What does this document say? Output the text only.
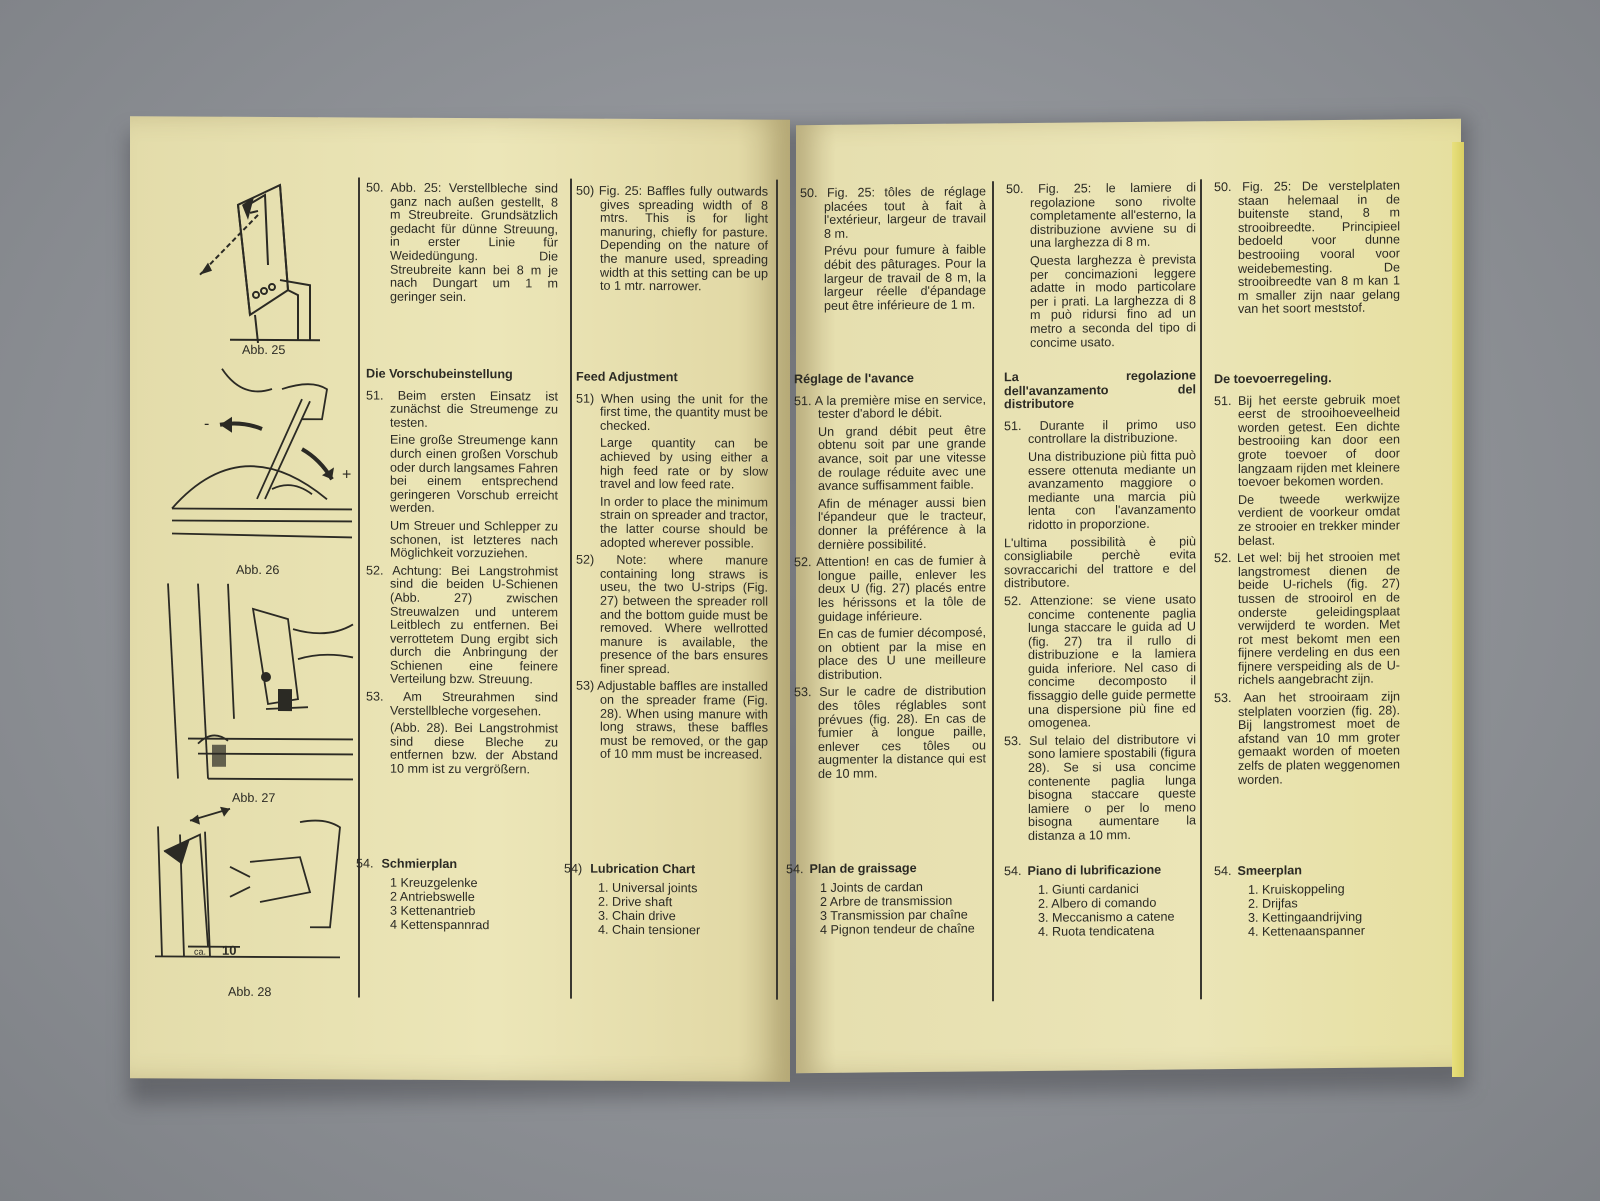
Abb. 25
-
+
Abb. 26
Abb. 27
ca. 10
Abb. 28

50. Abb. 25: Verstellbleche sind ganz nach außen gestellt, 8 m Streubreite. Grundsätzlich gedacht für dünne Streuung, in erster Linie für Weidedüngung. Die Streubreite kann bei 8 m je nach Dungart um 1 m geringer sein.

Die Vorschubeinstellung

51. Beim ersten Einsatz ist zunächst die Streumenge zu testen.

Eine große Streumenge kann durch einen großen Vorschub oder durch langsames Fahren bei einem entsprechend geringeren Vorschub erreicht werden.

Um Streuer und Schlepper zu schonen, ist letzteres nach Möglichkeit vorzuziehen.

52. Achtung: Bei Langstrohmist sind die beiden U-Schienen (Abb. 27) zwischen Streuwalzen und unterem Leitblech zu entfernen. Bei verrottetem Dung ergibt sich durch die Anbringung der Schienen eine feinere Verteilung bzw. Streuung.

53. Am Streurahmen sind Verstellbleche vorgesehen.

(Abb. 28). Bei Langstrohmist sind diese Bleche zu entfernen bzw. der Abstand 10 mm ist zu vergrößern.

54. Schmierplan

1 Kreuzgelenke
2 Antriebswelle
3 Kettenantrieb
4 Kettenspannrad

50) Fig. 25: Baffles fully outwards gives spreading width of 8 mtrs. This is for light manuring, chiefly for pasture. Depending on the nature of the manure used, spreading width at this setting can be up to 1 mtr. narrower.

Feed Adjustment

51) When using the unit for the first time, the quantity must be checked.

Large quantity can be achieved by using either a high feed rate or by slow travel and low feed rate.

In order to place the minimum strain on spreader and tractor, the latter course should be adopted wherever possible.

52) Note: where manure containing long straws is useu, the two U-strips (Fig. 27) between the spreader roll and the bottom guide must be removed. Where wellrotted manure is available, the presence of the bars ensures finer spread.

53) Adjustable baffles are installed on the spreader frame (Fig. 28). When using manure with long straws, these baffles must be removed, or the gap of 10 mm must be increased.

54) Lubrication Chart

1. Universal joints
2. Drive shaft
3. Chain drive
4. Chain tensioner

50. Fig. 25: tôles de réglage placées tout à fait à l'extérieur, largeur de travail 8 m.

Prévu pour fumure à faible débit des pâturages. Pour la largeur de travail de 8 m, la largeur réelle d'épandage peut être inférieure de 1 m.

Réglage de l'avance

51. A la première mise en service, tester d'abord le débit.

Un grand débit peut être obtenu soit par une grande avance, soit par une vitesse de roulage réduite avec une avance suffisamment faible.

Afin de ménager aussi bien l'épandeur que le tracteur, donner la préférence à la dernière possibilité.

52. Attention! en cas de fumier à longue paille, enlever les deux U (fig. 27) placés entre les hérissons et la tôle de guidage inférieure.

En cas de fumier décomposé, on obtient par la mise en place des U une meilleure distribution.

53. Sur le cadre de distribution des tôles réglables sont prévues (fig. 28). En cas de fumier à longue paille, enlever ces tôles ou augmenter la distance qui est de 10 mm.

54. Plan de graissage

1 Joints de cardan
2 Arbre de transmission
3 Transmission par chaîne
4 Pignon tendeur de chaîne

50. Fig. 25: le lamiere di regolazione sono rivolte completamente all'esterno, la distribuzione avviene su di una larghezza di 8 m.

Questa larghezza è prevista per concimazioni leggere adatte in modo particolare per i prati. La larghezza di 8 m può ridursi fino ad un metro a seconda del tipo di concime usato.

La regolazione dell'avanzamento del distributore

51. Durante il primo uso controllare la distribuzione.

Una distribuzione più fitta può essere ottenuta mediante un avanzamento maggiore o mediante una marcia più lenta con l'avanzamento ridotto in proporzione.

L'ultima possibilità è più consigliabile perchè evita sovraccarichi del trattore e del distributore.

52. Attenzione: se viene usato concime contenente paglia lunga staccare le guida ad U (fig. 27) tra il rullo di distribuzione e la lamiera guida inferiore. Nel caso di concime decomposto il fissaggio delle guide permette una dispersione più fine ed omogenea.

53. Sul telaio del distributore vi sono lamiere spostabili (figura 28). Se si usa concime contenente paglia lunga bisogna staccare queste lamiere o per lo meno bisogna aumentare la distanza a 10 mm.

54. Piano di lubrificazione

1. Giunti cardanici
2. Albero di comando
3. Meccanismo a catene
4. Ruota tendicatena

50. Fig. 25: De verstelplaten staan helemaal in de buitenste stand, 8 m strooibreedte. Principieel bedoeld voor dunne bestrooiing vooral voor weidebemesting. De strooibreedte van 8 m kan 1 m smaller zijn naar gelang van het soort meststof.

De toevoerregeling.

51. Bij het eerste gebruik moet eerst de strooihoeveelheid worden getest. Een dichte bestrooiing kan door een grote toevoer of door langzaam rijden met kleinere toevoer bekomen worden.

De tweede werkwijze verdient de voorkeur omdat ze strooier en trekker minder belast.

52. Let wel: bij het strooien met langstromest dienen de beide U-richels (fig. 27) tussen de strooirol en de onderste geleidingsplaat verwijderd te worden. Met rot mest bekomt men een fijnere verdeling en dus een fijnere verspeiding als de U-richels aangebracht zijn.

53. Aan het strooiraam zijn stelplaten voorzien (fig. 28). Bij langstromest moet de afstand van 10 mm groter gemaakt worden of moeten zelfs de platen weggenomen worden.

54. Smeerplan

1. Kruiskoppeling
2. Drijfas
3. Kettingaandrijving
4. Kettenaanspanner
